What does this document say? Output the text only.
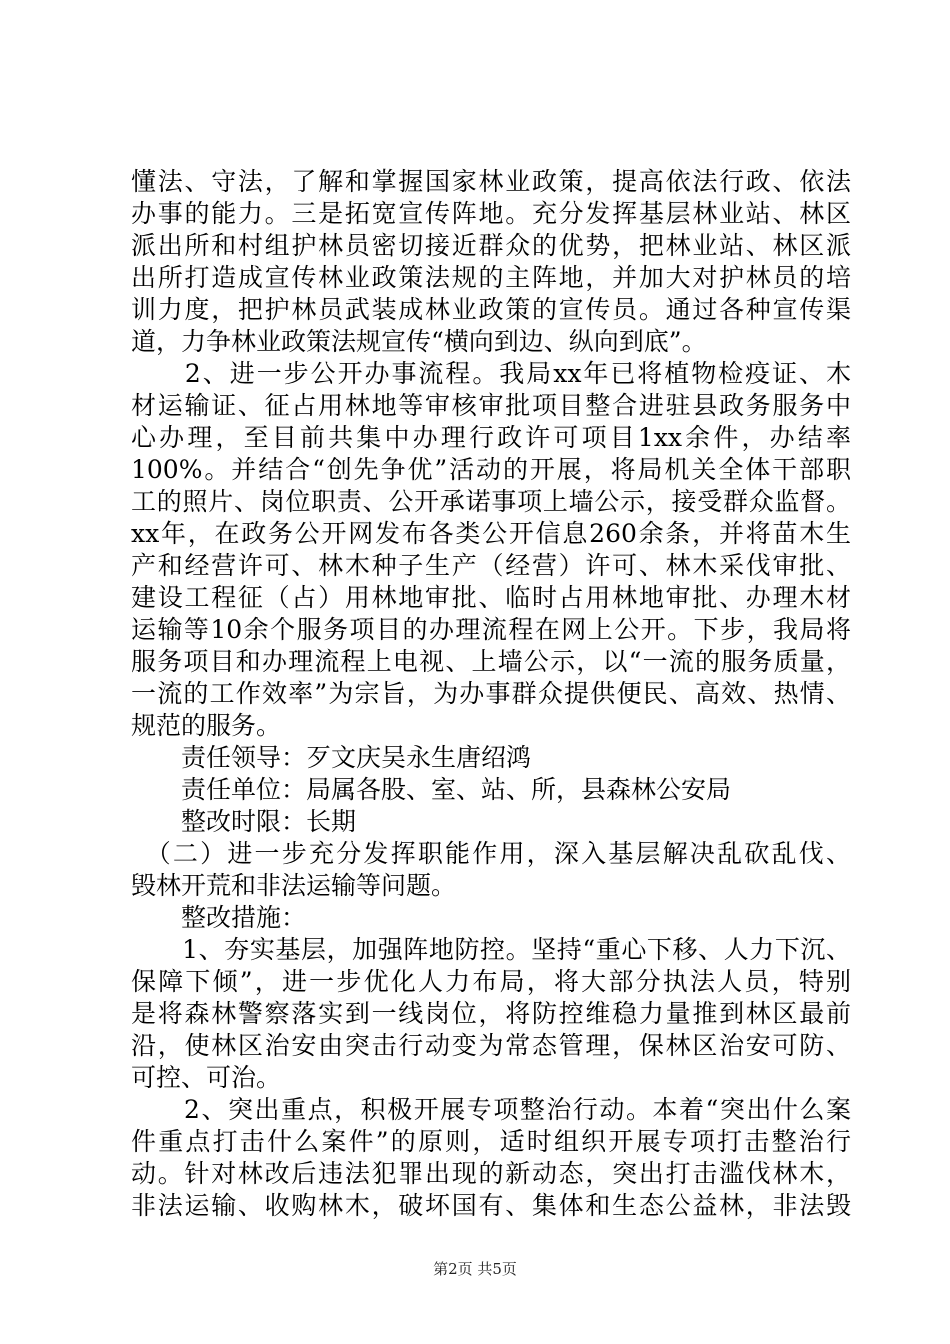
懂法、守法，了解和掌握国家林业政策，提高依法行政、依法
办事的能力。三是拓宽宣传阵地。充分发挥基层林业站、林区
派出所和村组护林员密切接近群众的优势，把林业站、林区派
出所打造成宣传林业政策法规的主阵地，并加大对护林员的培
训力度，把护林员武装成林业政策的宣传员。通过各种宣传渠
道，力争林业政策法规宣传“横向到边、纵向到底”。
　　2、进一步公开办事流程。我局xx年已将植物检疫证、木
材运输证、征占用林地等审核审批项目整合进驻县政务服务中
心办理，至目前共集中办理行政许可项目1xx余件，办结率
100%。并结合“创先争优”活动的开展，将局机关全体干部职
工的照片、岗位职责、公开承诺事项上墙公示，接受群众监督。
xx年，在政务公开网发布各类公开信息260余条，并将苗木生
产和经营许可、林木种子生产（经营）许可、林木采伐审批、
建设工程征（占）用林地审批、临时占用林地审批、办理木材
运输等10余个服务项目的办理流程在网上公开。下步，我局将
服务项目和办理流程上电视、上墙公示，以“一流的服务质量，
一流的工作效率”为宗旨，为办事群众提供便民、高效、热情、
规范的服务。
　　责任领导：歹文庆吴永生唐绍鸿
　　责任单位：局属各股、室、站、所，县森林公安局
　　整改时限：长期
　（二）进一步充分发挥职能作用，深入基层解决乱砍乱伐、
毁林开荒和非法运输等问题。
　　整改措施：
　　1、夯实基层，加强阵地防控。坚持“重心下移、人力下沉、
保障下倾”，进一步优化人力布局，将大部分执法人员，特别
是将森林警察落实到一线岗位，将防控维稳力量推到林区最前
沿，使林区治安由突击行动变为常态管理，保林区治安可防、
可控、可治。
　　2、突出重点，积极开展专项整治行动。本着“突出什么案
件重点打击什么案件”的原则，适时组织开展专项打击整治行
动。针对林改后违法犯罪出现的新动态，突出打击滥伐林木，
非法运输、收购林木，破坏国有、集体和生态公益林，非法毁
第2页 共5页
